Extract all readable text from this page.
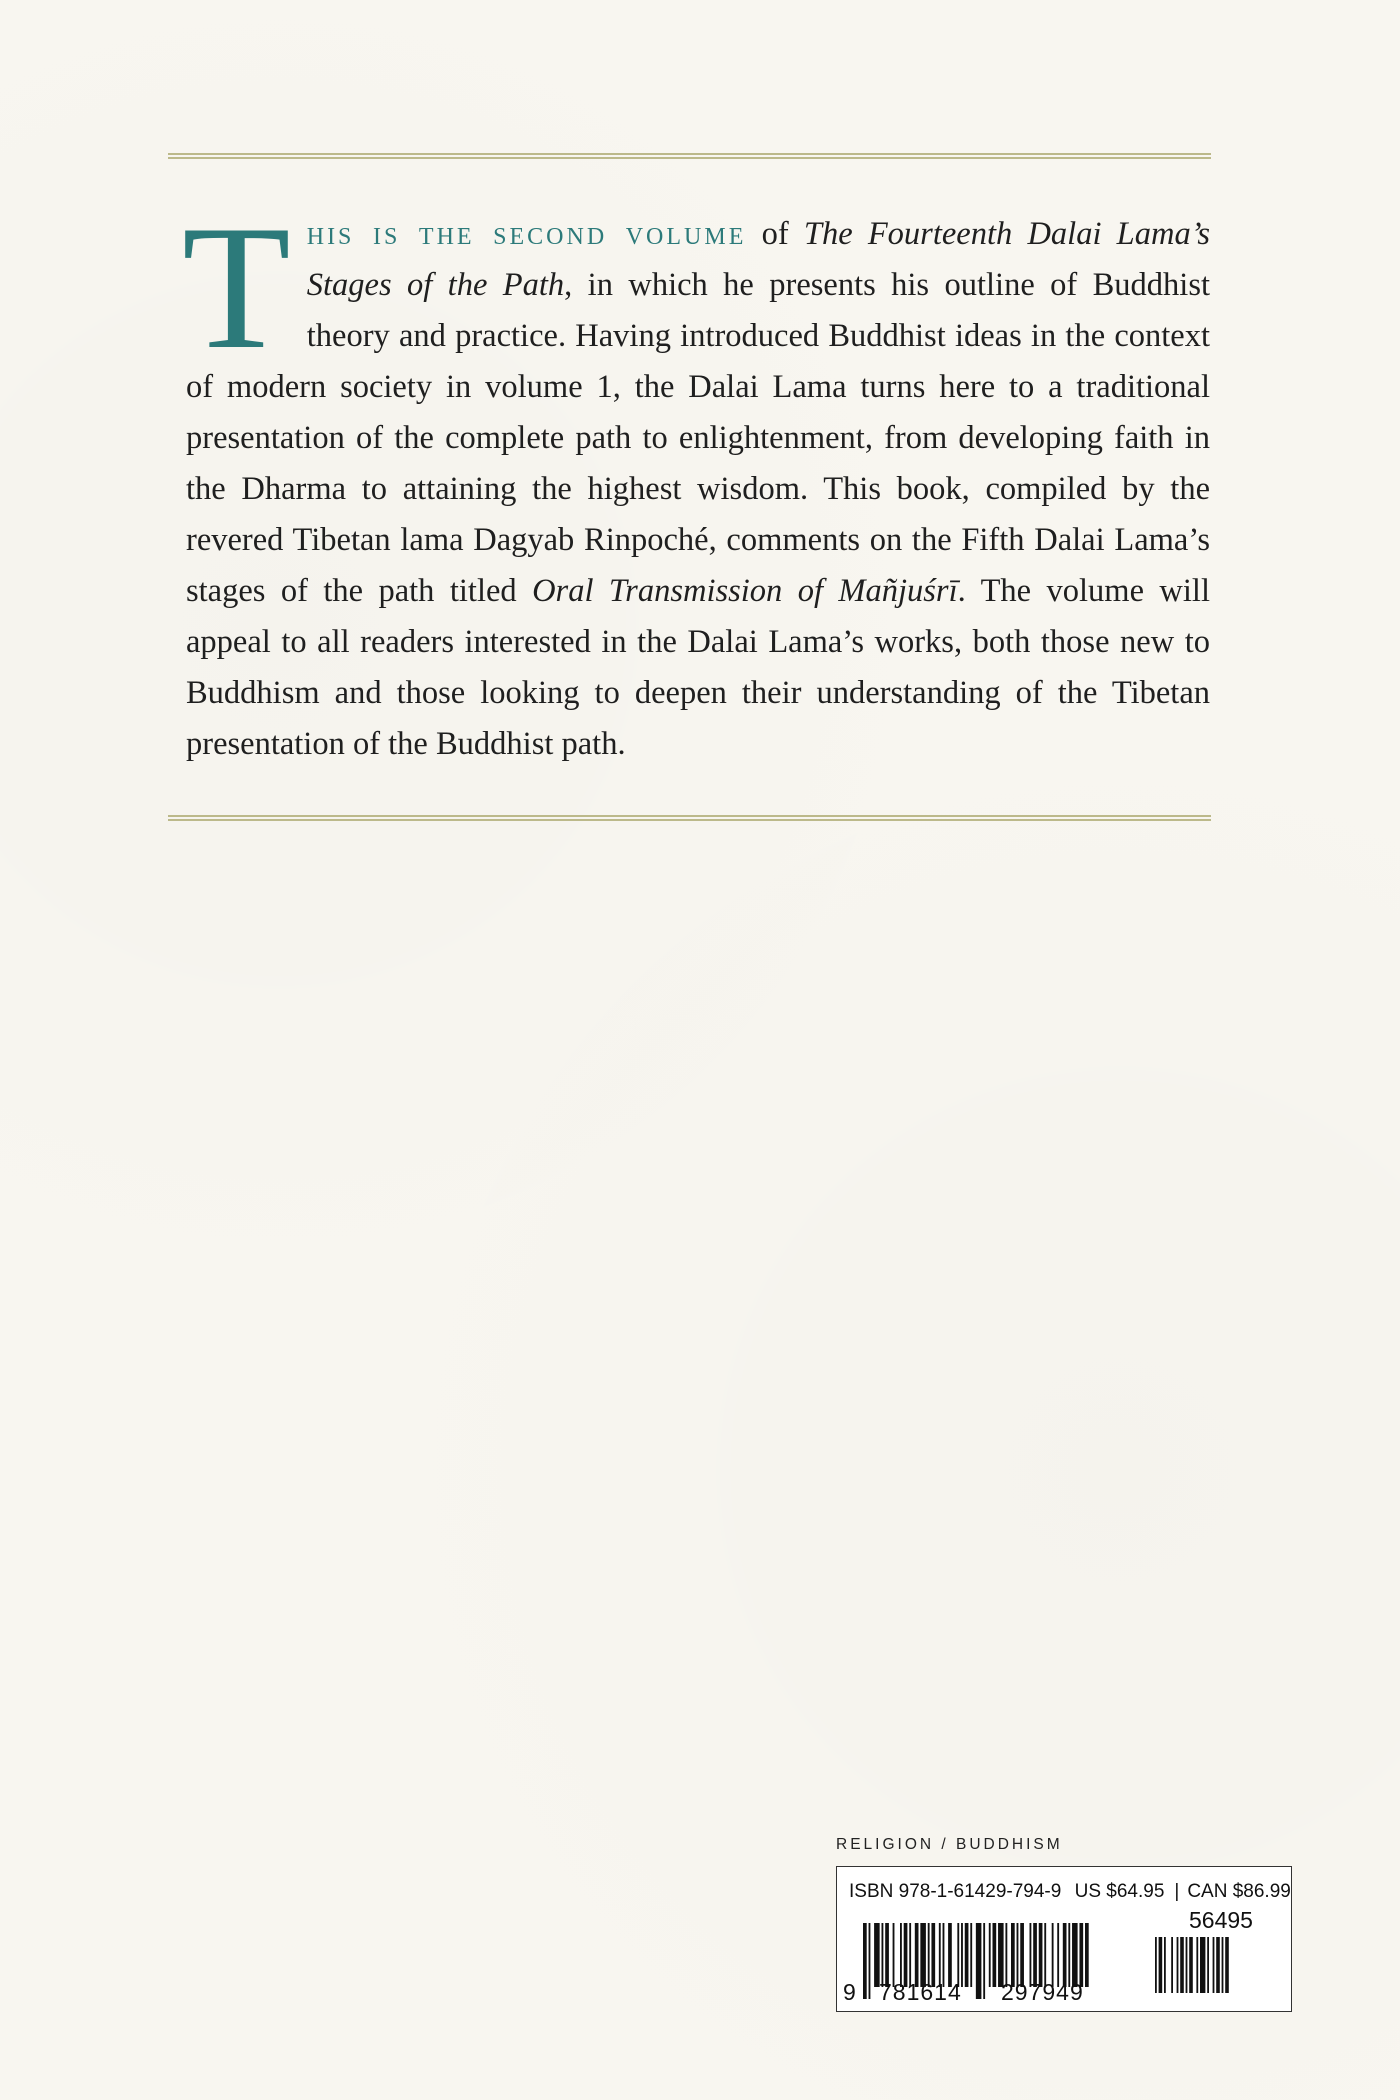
This is the second volume of The Fourteenth Dalai Lama’s Stages of the Path, in which he presents his outline of Buddhist theory and practice. Having introduced Buddhist ideas in the context of modern society in volume 1, the Dalai Lama turns here to a traditional presentation of the complete path to enlightenment, from developing faith in the Dharma to attaining the highest wisdom. This book, compiled by the revered Tibetan lama Dagyab Rinpoché, comments on the Fifth Dalai Lama’s stages of the path titled Oral Transmission of Mañjuśrī. The volume will appeal to all readers interested in the Dalai Lama’s works, both those new to Buddhism and those looking to deepen their understanding of the Tibetan presentation of the Buddhist path.
RELIGION / BUDDHISM
ISBN 978-1-61429-794-9 US $64.95 | CAN $86.99
56495
9 781614 297949
